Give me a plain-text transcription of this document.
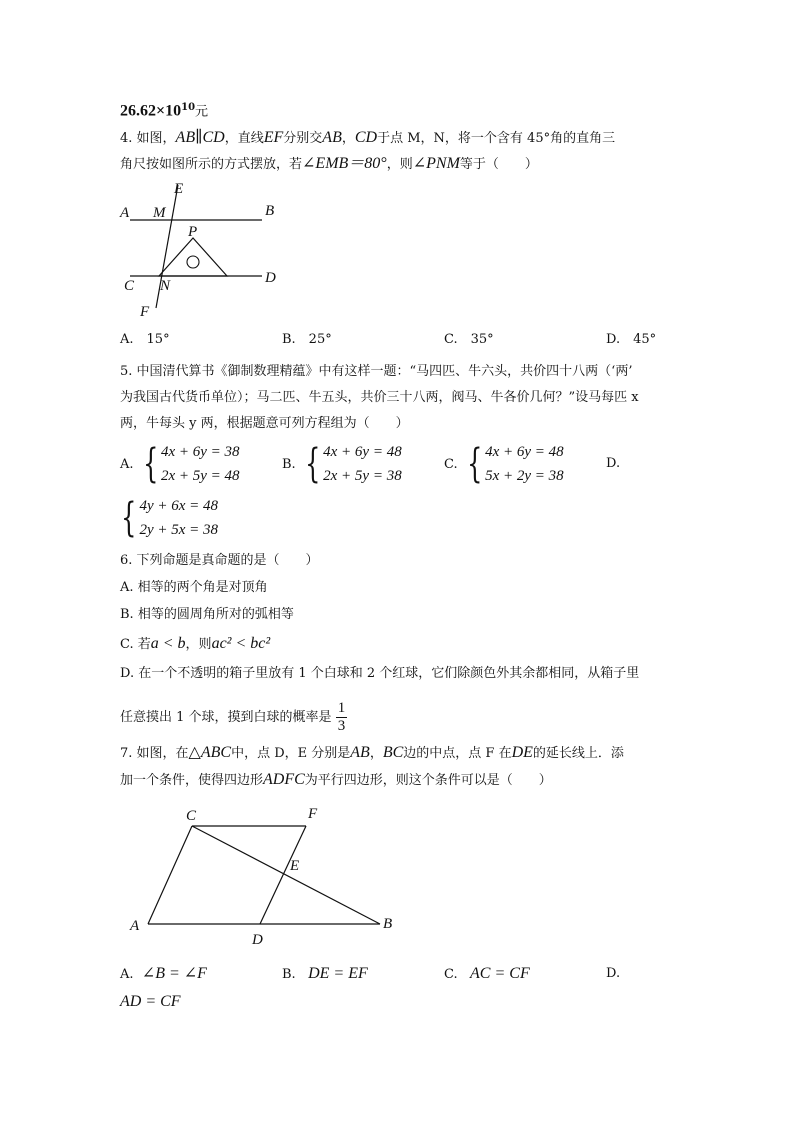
$26.62\times 10^{10}$元
4. 如图，AB∥CD，直线EF分别交AB，CD于点 M，N，将一个含有 45°角的直角三
角尺按如图所示的方式摆放，若∠EMB＝80°，则∠PNM等于（　　）
E
A M	B
P
C N	D
F
A.　15°	B.　25°	C.　35°	D.　45°
5. 中国清代算书《御制数理精蕴》中有这样一题：“马四匹、牛六头，共价四十八两（‘两’
为我国古代货币单位）；马二匹、牛五头，共价三十八两，阀马、牛各价几何？”设马每匹 x
两，牛每头 y 两，根据题意可列方程组为（　　）
A. { 4x + 6y = 38
2x + 5y = 48
B. { 4x + 6y = 48
2x + 5y = 38
C. { 4x + 6y = 48
5x + 2y = 38
D.
{ 4y + 6x = 48
2y + 5x = 38
6. 下列命题是真命题的是（　　）
A. 相等的两个角是对顶角
B. 相等的圆周角所对的弧相等
C. 若a < b，则ac² < bc²
D. 在一个不透明的箱子里放有 1 个白球和 2 个红球，它们除颜色外其余都相同，从箱子里
任意摸出 1 个球，摸到白球的概率是 $\frac{1}{3}$
7. 如图，在△ABC中，点 D，E 分别是AB，BC边的中点，点 F 在DE的延长线上．添
加一个条件，使得四边形ADFC为平行四边形，则这个条件可以是（　　）
C	F
E
A
D
B
A. ∠B = ∠F	B. DE = EF	C. AC = CF	D.
AD = CF
